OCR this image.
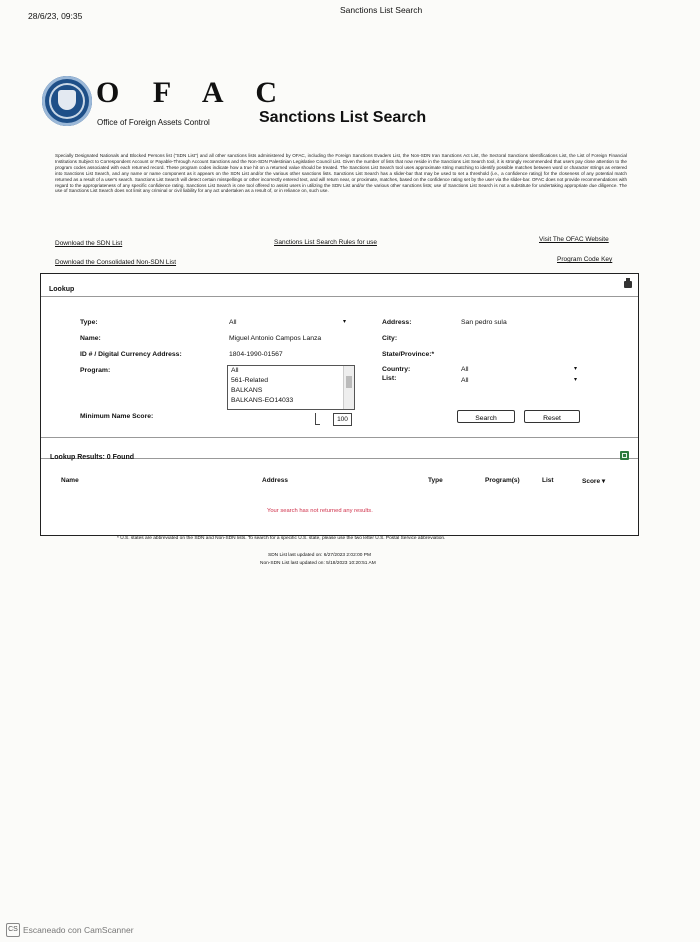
28/6/23, 09:35
Sanctions List Search
O F A C
Office of Foreign Assets Control	Sanctions List Search
Specially Designated Nationals and Blocked Persons list ("SDN List") and all other sanctions lists administered by OFAC, including the Foreign Sanctions Evaders List, the Non-SDN Iran Sanctions Act List, the Sectoral Sanctions Identifications List, the List of Foreign Financial Institutions Subject to Correspondent Account or Payable-Through Account Sanctions and the Non-SDN Palestinian Legislative Council List. Given the number of lists that now reside in the Sanctions List Search tool, it is strongly recommended that users pay close attention to the program codes associated with each returned record. These program codes indicate how a true hit on a returned value should be treated. The Sanctions List Search tool uses approximate string matching to identify possible matches between word or character strings as entered into Sanctions List Search, and any name or name component as it appears on the SDN List and/or the various other sanctions lists. Sanctions List Search has a slider-bar that may be used to set a threshold (i.e., a confidence rating) for the closeness of any potential match returned as a result of a user's search. Sanctions List Search will detect certain misspellings or other incorrectly entered text, and will return near, or proximate, matches, based on the confidence rating set by the user via the slider-bar. OFAC does not provide recommendations with regard to the appropriateness of any specific confidence rating. Sanctions List Search is one tool offered to assist users in utilizing the SDN List and/or the various other sanctions lists; use of Sanctions List Search is not a substitute for undertaking appropriate due diligence. The use of Sanctions List Search does not limit any criminal or civil liability for any act undertaken as a result of, or in reliance on, such use.
Download the SDN List
Download the Consolidated Non-SDN List
Sanctions List Search Rules for use	Visit The OFAC Website
Program Code Key
Lookup
Type:	All	▾
Name:	Miguel Antonio Campos Lanza
ID # / Digital Currency Address:	1804-1990-01567
Program:	All
561-Related
BALKANS
BALKANS-EO14033
Minimum Name Score:	100
Address:	San pedro sula
City:
State/Province:*
Country:	All	▾
List:	All	▾
Search	Reset
Lookup Results: 0 Found
Name	Address	Type	Program(s)	List	Score ▾
Your search has not returned any results.
* U.S. states are abbreviated on the SDN and Non-SDN lists. To search for a specific U.S. state, please use the two letter U.S. Postal Service abbreviation.
SDN List last updated on: 6/27/2023 2:02:00 PM
Non-SDN List last updated on: 5/18/2023 10:20:51 AM
CS Escaneado con CamScanner
